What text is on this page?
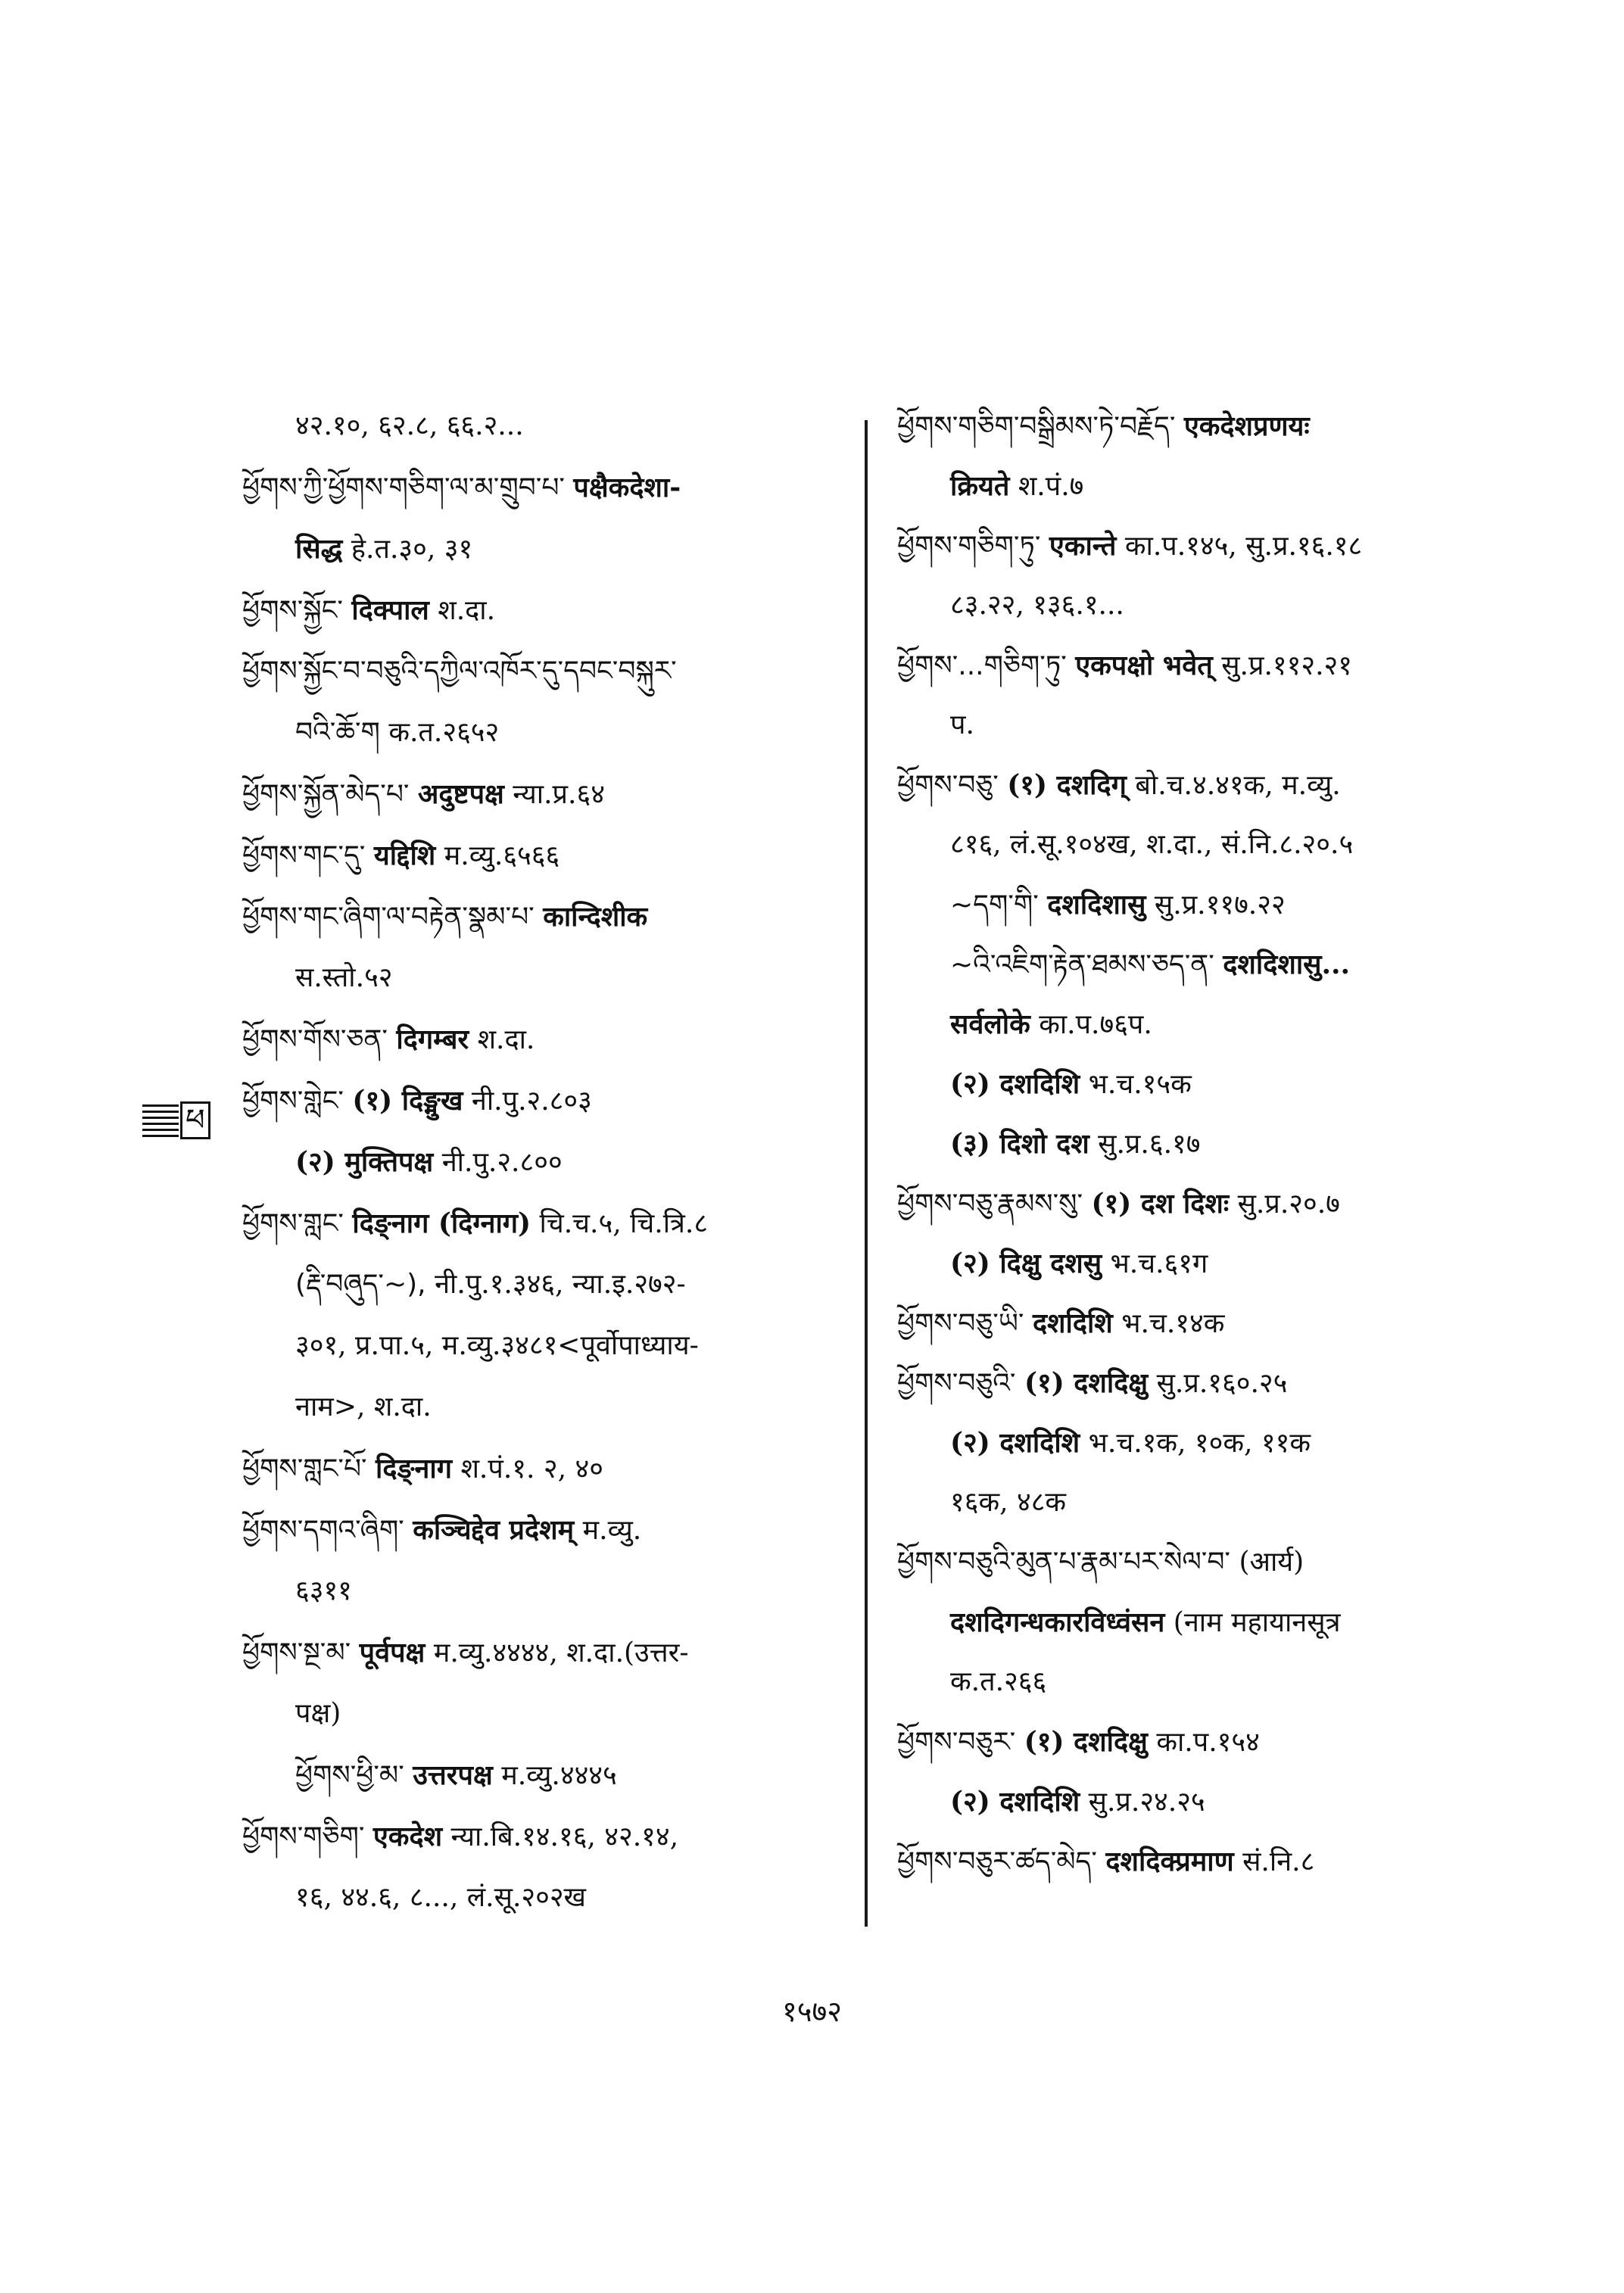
४२.१०, ६२.८, ६६.२...
ཕྱོགས་ཀྱི་ཕྱོགས་གཅིག་ལ་མ་གྲུབ་པ་ पक्षैकदेशा-
सिद्ध हे.त.३०, ३१
ཕྱོགས་སྐྱོང་ दिक्पाल श.दा.
ཕྱོགས་སྐྱོང་བ་བཅུའི་དཀྱིལ་འཁོར་དུ་དབང་བསྐུར་
བའི་ཆོ་ག क.त.२६५२
ཕྱོགས་སྐྱོན་མེད་པ་ अदुष्टपक्ष न्या.प्र.६४
ཕྱོགས་གང་དུ་ यद्दिशि म.व्यु.६५६६
ཕྱོགས་གང་ཞིག་ལ་བརྟེན་སྣམ་པ་ कान्दिशीक
स.स्तो.५२
ཕྱོགས་གོས་ཅན་ दिगम्बर श.दा.
ཕྱོགས་གླེང་ (१) दिङ्मुख नी.पु.२.८०३
(२) मुक्तिपक्ष नी.पु.२.८००
ཕྱོགས་གླང་ दिङ्नाग (दिग्नाग) चि.च.५, चि.त्रि.८
(རྡི་བཞུད་~), नी.पु.१.३४६, न्या.इ.२७२-
३०१, प्र.पा.५, म.व्यु.३४८१<पूर्वोपाध्याय-
नाम>, श.दा.
ཕྱོགས་གླང་པོ་ दिङ्नाग श.पं.१. २, ४०
ཕྱོགས་དགའ་ཞིག་ कञ्चिद्देव प्रदेशम् म.व्यु.
६३११
ཕྱོགས་སྔ་མ་ पूर्वपक्ष म.व्यु.४४४४, श.दा.(उत्तर-
पक्ष)
ཕྱོགས་ཕྱི་མ་ उत्तरपक्ष म.व्यु.४४४५
ཕྱོགས་གཅིག་ एकदेश न्या.बि.१४.१६, ४२.१४,
१६, ४४.६, ८..., लं.सू.२०२ख
ཕྱོགས་གཅིག་བསྒྲིམས་ཏེ་བརྗོད་ एकदेशप्रणयः
क्रियते श.पं.७
ཕྱོགས་གཅིག་ཏུ་ एकान्ते का.प.१४५, सु.प्र.१६.१८
८३.२२, १३६.१...
ཕྱོགས་...གཅིག་ཏུ་ एकपक्षो भवेत् सु.प्र.११२.२१
प.
ཕྱོགས་བཅུ་ (१) दशदिग् बो.च.४.४१क, म.व्यु.
८१६, लं.सू.१०४ख, श.दा., सं.नि.८.२०.५
~དག་གི་ दशदिशासु सु.प्र.११७.२२
~འི་འཇིག་རྟེན་ཐམས་ཅད་ན་ दशदिशासु...
सर्वलोके का.प.७६प.
(२) दशदिशि भ.च.१५क
(३) दिशो दश सु.प्र.६.१७
ཕྱོགས་བཅུ་རྣམས་སུ་ (१) दश दिशः सु.प्र.२०.७
(२) दिक्षु दशसु भ.च.६१ग
ཕྱོགས་བཅུ་ཡི་ दशदिशि भ.च.१४क
ཕྱོགས་བཅུའི་ (१) दशदिक्षु सु.प्र.१६०.२५
(२) दशदिशि भ.च.१क, १०क, ११क
१६क, ४८क
ཕྱོགས་བཅུའི་མུན་པ་རྣམ་པར་སེལ་བ་ (आर्य)
दशदिगन्धकारविध्वंसन (नाम महायानसूत्र
क.त.२६६
ཕྱོགས་བཅུར་ (१) दशदिक्षु का.प.१५४
(२) दशदिशि सु.प्र.२४.२५
ཕྱོགས་བཅུར་ཚད་མེད་ दशदिक्प्रमाण सं.नि.८
ཕ
१५७२
